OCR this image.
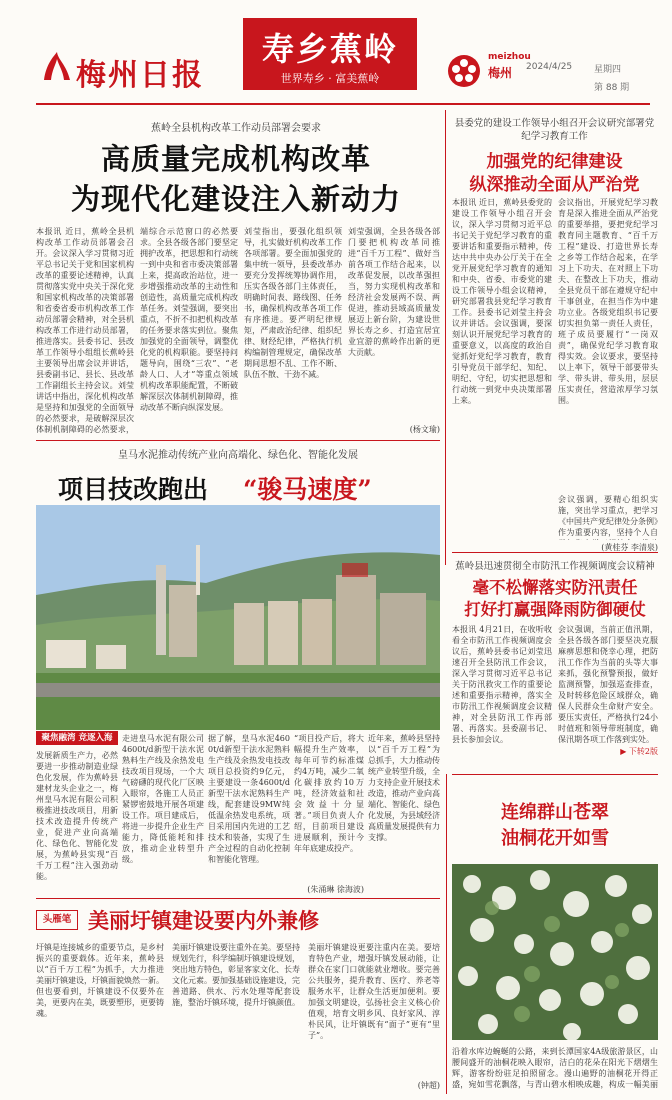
梅州日报
寿乡蕉岭
世界寿乡 · 富美蕉岭
meizhou
梅州 2024/4/25 星期四
第 88 期
蕉岭全县机构改革工作动员部署会要求
高质量完成机构改革
为现代化建设注入新动力
本报讯 近日，蕉岭全县机构改革工作动员部署会召开。会议深入学习贯彻习近平总书记关于党和国家机构改革的重要论述精神，认真贯彻落实党中央关于深化党和国家机构改革的决策部署和省委省委市机构改革工作动员部署会精神，对全县机构改革工作进行动员部署，推进落实。县委书记、县改革工作领导小组组长蕉岭县主要领导出席会议并讲话，县委副书记、县长、县改革工作副组长主持会议。刘莹讲话中指出，深化机构改革是坚持和加强党的全面领导的必然要求，是破解深层次体制机制障碍的必然要求，
端综合示范窗口的必然要求。全县各级各部门要坚定拥护改革，把思想和行动统一到中央和省市委决策部署上来，提高政治站位，进一步增强推动改革的主动性和创造性，高质量完成机构改革任务。刘莹强调，要突出重点，不折不扣把机构改革的任务要求落实到位。聚焦加强党的全面领导，调整优化党的机构职能。要坚持问题导向，围绕“三农”、“老龄人口、人才”等重点领域机构改革职能配置，不断破解深层次体制机制障碍，推动改革不断向纵深发展。
刘莹指出，要强化组织领导，扎实做好机构改革工作各项部署。要全面加强党的集中统一领导，县委改革办要充分发挥统筹协调作用，压实各级各部门主体责任，明确时间表、路线图、任务书，确保机构改革各项工作有序推进。要严明纪律规矩，严肃政治纪律、组织纪律、财经纪律，严格执行机构编制管理规定，确保改革期间思想不乱、工作不断、队伍不散、干劲不减。
刘莹强调，全县各级各部门要把机构改革同推进“百千万工程”、做好当前各项工作结合起来，以改革促发展，以改革强担当，努力实现机构改革和经济社会发展两不误、两促进，推动县域高质量发展迈上新台阶，为建设世界长寿之乡、打造宜居宜业宜游的蕉岭作出新的更大贡献。
(杨文瑜)
县委党的建设工作领导小组召开会议研究部署党纪学习教育工作
加强党的纪律建设
纵深推动全面从严治党
本报讯 近日，蕉岭县委党的建设工作领导小组召开会议，深入学习贯彻习近平总书记关于党纪学习教育的重要讲话和重要指示精神，传达中共中央办公厅关于在全党开展党纪学习教育的通知和中央、省委、市委党的建设工作领导小组会议精神，研究部署我县党纪学习教育工作。县委书记刘莹主持会议并讲话。会议强调，要深刻认识开展党纪学习教育的重要意义，以高度的政治自觉抓好党纪学习教育，教育引导党员干部学纪、知纪、明纪、守纪，切实把思想和行动统一到党中央决策部署上来。
会议指出，开展党纪学习教育是深入推进全面从严治党的重要举措，要把党纪学习教育同主题教育、“百千万工程”建设、打造世界长寿之乡等工作结合起来，在学习上下功夫、在对照上下功夫、在整改上下功夫，推动全县党员干部在遵规守纪中干事创业，在担当作为中建功立业。各级党组织书记要切实担负第一责任人责任，班子成员要履行“一岗双责”，确保党纪学习教育取得实效。会议要求，要坚持以上率下，领导干部要带头学、带头讲、带头用，层层压实责任，营造浓厚学习氛围。
会议强调，要精心组织实施，突出学习重点，把学习《中国共产党纪律处分条例》作为重要内容，坚持个人自
(黄桂芬 李清泉)
皇马水泥推动传统产业向高端化、绿色化、智能化发展
项目技改跑出 “骏马速度”
聚焦融湾 竞逐入海
发展新质生产力，必然要进一步推动制造业绿色化发展，作为蕉岭县建材龙头企业之一，梅州皇马水泥有限公司积极推进技改项目，用新技术改造提升传统产业，促进产业向高端化、绿色化、智能化发展，为蕉岭县实现“百千万工程”注入强劲动能。
走进皇马水泥有限公司4600t/d新型干法水泥熟料生产线及余热发电技改项目现场，一个大气磅礴的现代化厂区映入眼帘，各施工人员正紧锣密鼓地开展各项建设工作。项目建成后，将进一步提升企业生产能力，降低能耗和排放，推动企业转型升级。
据了解，皇马水泥4600t/d新型干法水泥熟料生产线及余热发电技改项目总投资约9亿元，主要建设一条4600t/d新型干法水泥熟料生产线，配套建设9MW纯低温余热发电系统，项目采用国内先进的工艺技术和装备，实现了生产全过程的自动化控制和智能化管理。
“项目投产后，将大幅提升生产效率，每年可节约标准煤约4万吨，减少二氧化碳排放约10万吨，经济效益和社会效益十分显著。”项目负责人介绍，目前项目建设进展顺利，预计今年年底建成投产。
近年来，蕉岭县坚持以“百千万工程”为总抓手，大力推动传统产业转型升级，全力支持企业开展技术改造，推动产业向高端化、智能化、绿色化发展，为县域经济高质量发展提供有力支撑。
(朱涌琳 徐海波)
蕉岭县迅速贯彻全市防汛工作视频调度会议精神
毫不松懈落实防汛责任
打好打赢强降雨防御硬仗
本报讯 4月21日，在收听收看全市防汛工作视频调度会议后，蕉岭县委书记刘莹迅速召开全县防汛工作会议，深入学习贯彻习近平总书记关于防汛救灾工作的重要论述和重要指示精神，落实全市防汛工作视频调度会议精神，对全县防汛工作再部署、再落实。县委副书记、县长参加会议。
会议强调，当前正值汛期，全县各级各部门要坚决克服麻痹思想和侥幸心理，把防汛工作作为当前的头等大事来抓，强化预警预报，做好监测预警，加强巡查排查，及时转移危险区域群众，确保人民群众生命财产安全。要压实责任，严格执行24小时值班和领导带班制度，确保汛期各项工作落到实处。
▶ 下转2版
连绵群山苍翠
油桐花开如雪
沿着水库边蜿蜒的公路，来到长潭国家4A级旅游景区，山腰间盛开的油桐花映入眼帘，洁白的花朵在阳光下熠熠生辉，游客纷纷驻足拍照留念。漫山遍野的油桐花开得正盛，宛如雪花飘落，与青山碧水相映成趣，构成一幅美丽
头雁笔 美丽圩镇建设要内外兼修
圩镇是连接城乡的重要节点，是乡村振兴的重要载体。近年来，蕉岭县以“百千万工程”为抓手，大力推进美丽圩镇建设，圩镇面貌焕然一新。但也要看到，圩镇建设不仅要外在美，更要内在美，既要塑形，更要铸魂。
美丽圩镇建设要注重外在美。要坚持规划先行，科学编制圩镇建设规划，突出地方特色，彰显客家文化、长寿文化元素。要加强基础设施建设，完善道路、供水、污水处理等配套设施，整治圩镇环境，提升圩镇颜值。
美丽圩镇建设更要注重内在美。要培育特色产业，增强圩镇发展动能，让群众在家门口就能就业增收。要完善公共服务，提升教育、医疗、养老等服务水平，让群众生活更加便利。要加强文明建设，弘扬社会主义核心价值观，培育文明乡风、良好家风、淳朴民风，让圩镇既有“面子”更有“里子”。
(钟超)
